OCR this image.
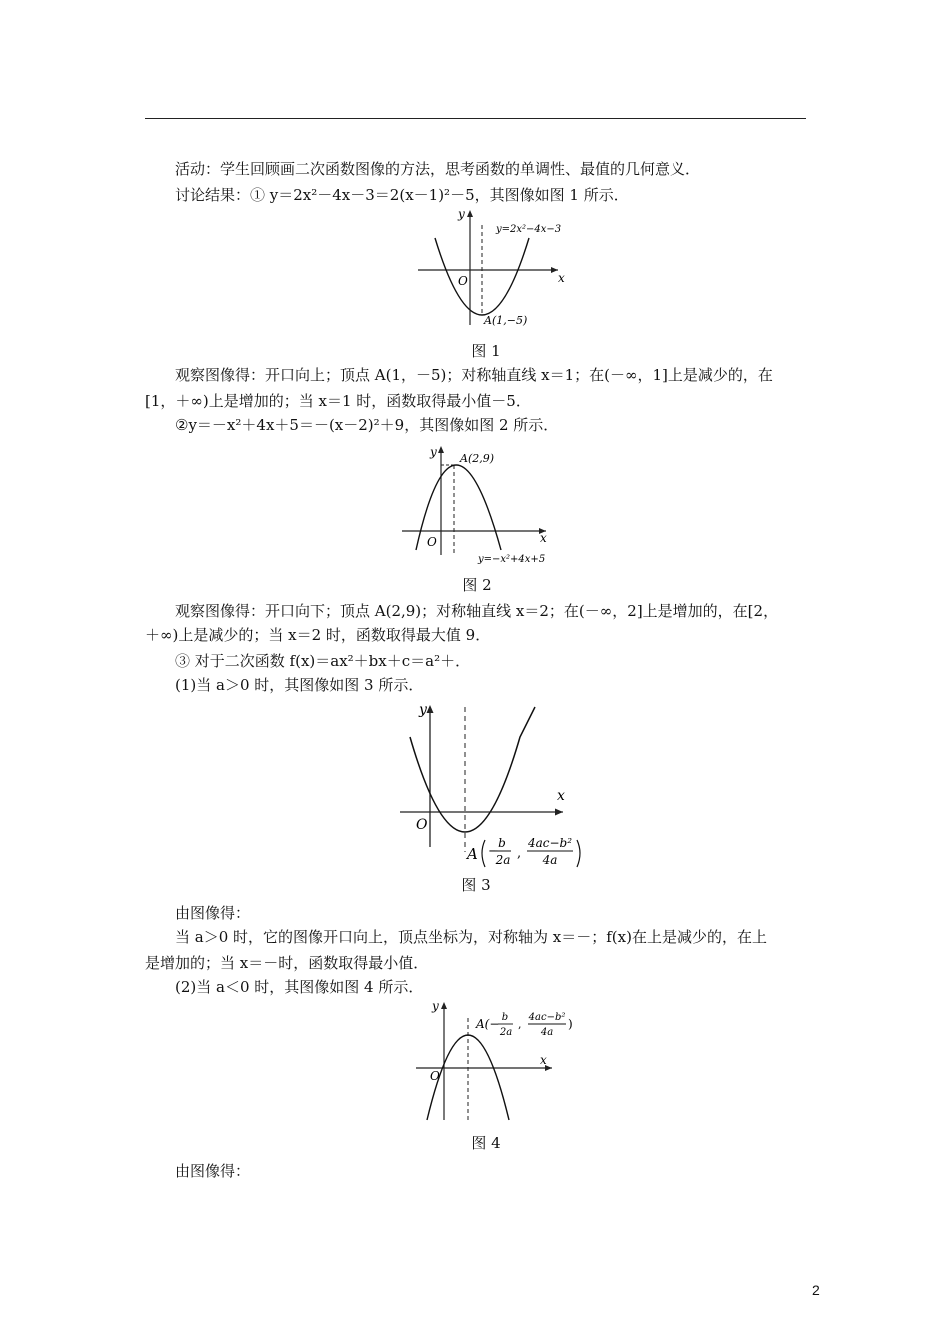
活动：学生回顾画二次函数图像的方法，思考函数的单调性、最值的几何意义．
讨论结果：① y＝2x²－4x－3＝2(x－1)²－5，其图像如图 1 所示．
x
y
O
y=2x²−4x−3
A(1,−5)
图 1
观察图像得：开口向上；顶点 A(1，－5)；对称轴直线 x＝1；在(－∞，1]上是减少的，在
[1，＋∞)上是增加的；当 x＝1 时，函数取得最小值－5．
②y＝－x²＋4x＋5＝－(x－2)²＋9，其图像如图 2 所示．
x
y
O
A(2,9)
y=−x²+4x+5
图 2
观察图像得：开口向下；顶点 A(2,9)；对称轴直线 x＝2；在(－∞，2]上是增加的，在[2，
＋∞)上是减少的；当 x＝2 时，函数取得最大值 9．
③ 对于二次函数 f(x)＝ax²＋bx＋c＝a²＋．
(1)当 a＞0 时，其图像如图 3 所示．
x
y
O
A −
b
2a ,
4ac−b²
4a
图 3
由图像得：
当 a＞0 时，它的图像开口向上，顶点坐标为，对称轴为 x＝－；f(x)在上是减少的，在上
是增加的；当 x＝－时，函数取得最小值．
(2)当 a＜0 时，其图像如图 4 所示．
x
y
O
A(− b
2a
,
4ac−b²
4a
)
图 4
由图像得：
2
